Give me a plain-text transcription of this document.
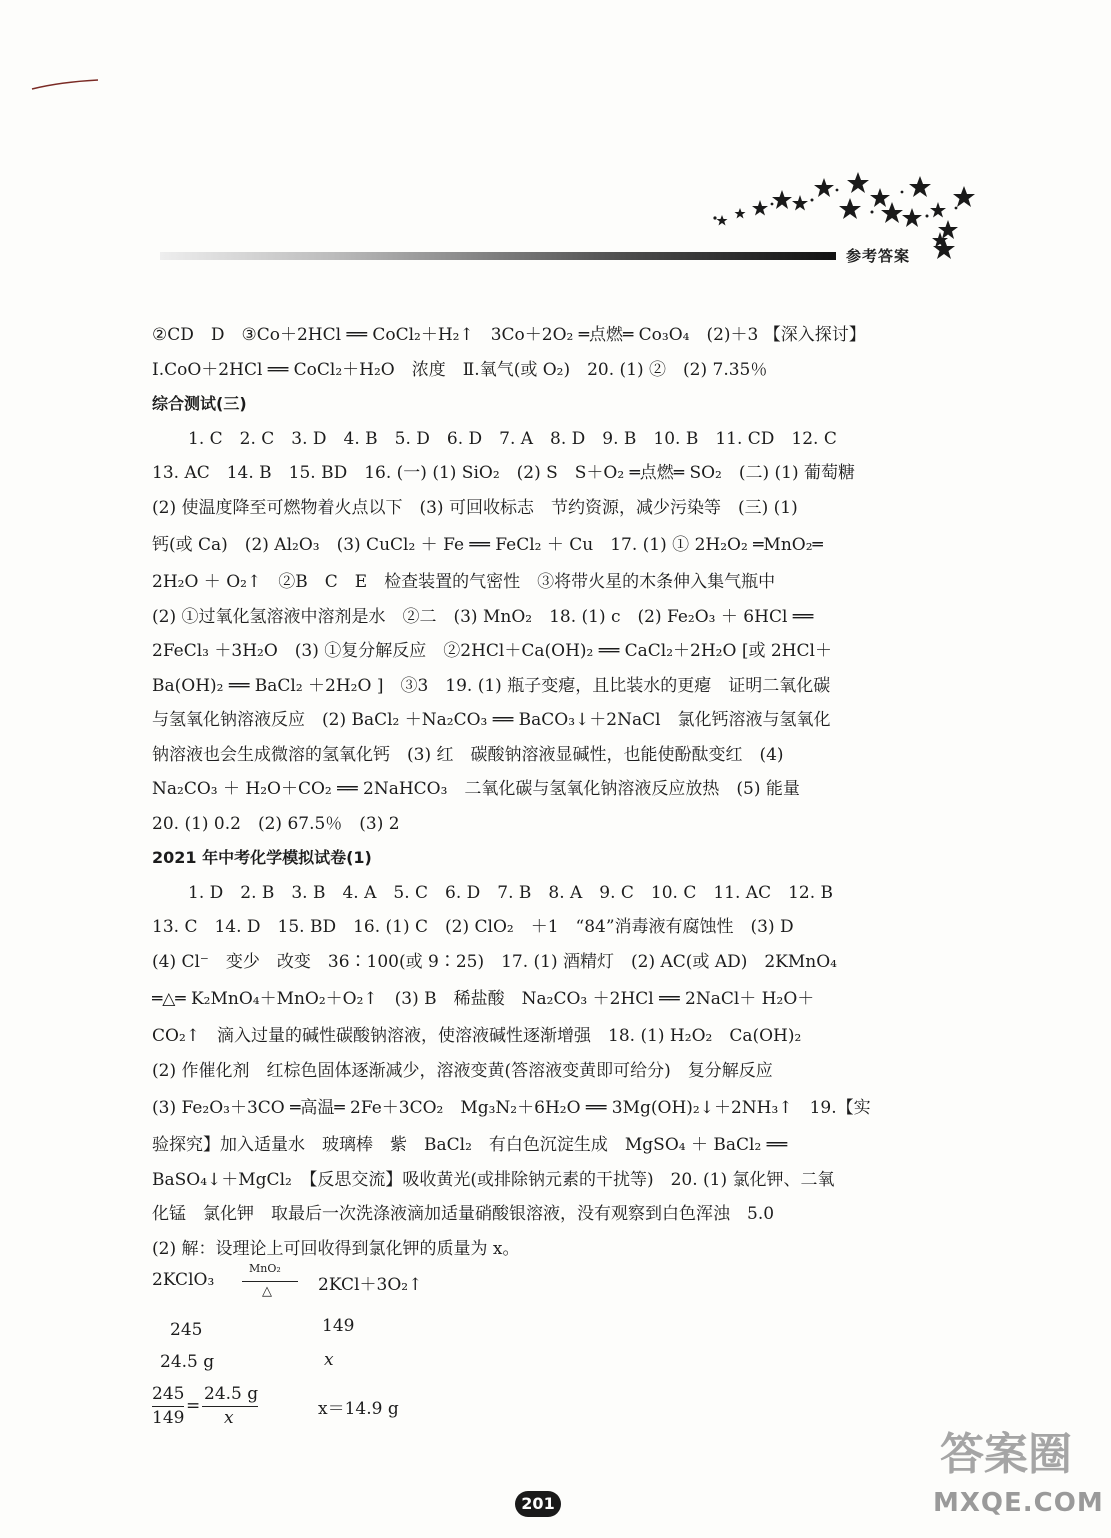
参考答案
②CD　D　③Co＋2HCl ══ CoCl₂＋H₂↑　3Co＋2O₂ ═点燃═ Co₃O₄　(2)＋3 【深入探讨】
Ⅰ.CoO＋2HCl ══ CoCl₂＋H₂O　浓度　Ⅱ.氧气(或 O₂)　20. (1) ②　(2) 7.35％
综合测试(三)
1. C　2. C　3. D　4. B　5. D　6. D　7. A　8. D　9. B　10. B　11. CD　12. C
13. AC　14. B　15. BD　16. (一) (1) SiO₂　(2) S　S＋O₂ ═点燃═ SO₂　(二) (1) 葡萄糖
(2) 使温度降至可燃物着火点以下　(3) 可回收标志　节约资源，减少污染等　(三) (1)
钙(或 Ca)　(2) Al₂O₃　(3) CuCl₂ ＋ Fe ══ FeCl₂ ＋ Cu　17. (1) ① 2H₂O₂ ═MnO₂═
2H₂O ＋ O₂↑　②B　C　E　检查装置的气密性　③将带火星的木条伸入集气瓶中
(2) ①过氧化氢溶液中溶剂是水　②二　(3) MnO₂　18. (1) c　(2) Fe₂O₃ ＋ 6HCl ══
2FeCl₃ ＋3H₂O　(3) ①复分解反应　②2HCl＋Ca(OH)₂ ══ CaCl₂＋2H₂O [或 2HCl＋
Ba(OH)₂ ══ BaCl₂ ＋2H₂O ]　③3　19. (1) 瓶子变瘪，且比装水的更瘪　证明二氧化碳
与氢氧化钠溶液反应　(2) BaCl₂ ＋Na₂CO₃ ══ BaCO₃↓＋2NaCl　氯化钙溶液与氢氧化
钠溶液也会生成微溶的氢氧化钙　(3) 红　碳酸钠溶液显碱性，也能使酚酞变红　(4)
Na₂CO₃ ＋ H₂O＋CO₂ ══ 2NaHCO₃　二氧化碳与氢氧化钠溶液反应放热　(5) 能量
20. (1) 0.2　(2) 67.5％　(3) 2
2021 年中考化学模拟试卷(1)
1. D　2. B　3. B　4. A　5. C　6. D　7. B　8. A　9. C　10. C　11. AC　12. B
13. C　14. D　15. BD　16. (1) C　(2) ClO₂　＋1　“84”消毒液有腐蚀性　(3) D
(4) Cl⁻　变少　改变　36∶100(或 9∶25)　17. (1) 酒精灯　(2) AC(或 AD)　2KMnO₄
═△═ K₂MnO₄＋MnO₂＋O₂↑　(3) B　稀盐酸　Na₂CO₃ ＋2HCl ══ 2NaCl＋ H₂O＋
CO₂↑　滴入过量的碱性碳酸钠溶液，使溶液碱性逐渐增强　18. (1) H₂O₂　Ca(OH)₂
(2) 作催化剂　红棕色固体逐渐减少，溶液变黄(答溶液变黄即可给分)　复分解反应
(3) Fe₂O₃＋3CO ═高温═ 2Fe＋3CO₂　Mg₃N₂＋6H₂O ══ 3Mg(OH)₂↓＋2NH₃↑　19.【实
验探究】加入适量水　玻璃棒　紫　BaCl₂　有白色沉淀生成　MgSO₄ ＋ BaCl₂ ══
BaSO₄↓＋MgCl₂　【反思交流】吸收黄光(或排除钠元素的干扰等)　20. (1) 氯化钾、二氧
化锰　氯化钾　取最后一次洗涤液滴加适量硝酸银溶液，没有观察到白色浑浊　5.0
(2) 解：设理论上可回收得到氯化钾的质量为 x。
2KClO₃
MnO₂
△	2KCl＋3O₂↑
245	149
24.5 g	x
245
149
=
24.5 g
x	x＝14.9 g
201
答案圈
MXQE.COM
